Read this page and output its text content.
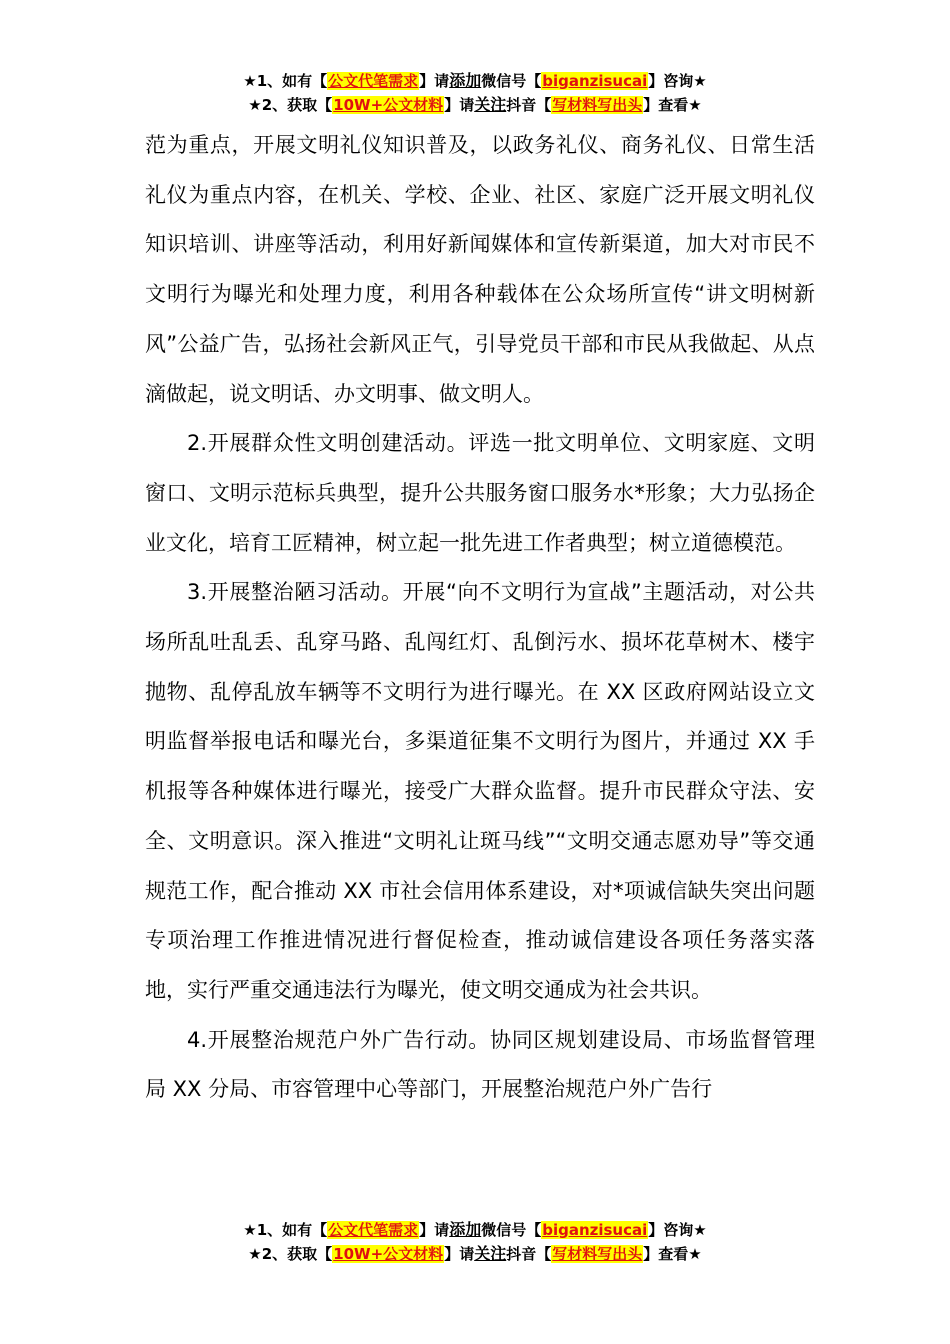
★1、如有【公文代笔需求】请添加微信号【biganzisucai】咨询★
★2、获取【10W+公文材料】请关注抖音【写材料写出头】查看★

范为重点，开展文明礼仪知识普及，以政务礼仪、商务礼仪、日常生活礼仪为重点内容，在机关、学校、企业、社区、家庭广泛开展文明礼仪知识培训、讲座等活动，利用好新闻媒体和宣传新渠道，加大对市民不文明行为曝光和处理力度，利用各种载体在公众场所宣传“讲文明树新风”公益广告，弘扬社会新风正气，引导党员干部和市民从我做起、从点滴做起，说文明话、办文明事、做文明人。

2.开展群众性文明创建活动。评选一批文明单位、文明家庭、文明窗口、文明示范标兵典型，提升公共服务窗口服务水*形象；大力弘扬企业文化，培育工匠精神，树立起一批先进工作者典型；树立道德模范。

3.开展整治陋习活动。开展“向不文明行为宣战”主题活动，对公共场所乱吐乱丢、乱穿马路、乱闯红灯、乱倒污水、损坏花草树木、楼宇抛物、乱停乱放车辆等不文明行为进行曝光。在 XX 区政府网站设立文明监督举报电话和曝光台，多渠道征集不文明行为图片，并通过 XX 手机报等各种媒体进行曝光，接受广大群众监督。提升市民群众守法、安全、文明意识。深入推进“文明礼让斑马线”“文明交通志愿劝导”等交通规范工作，配合推动 XX 市社会信用体系建设，对*项诚信缺失突出问题专项治理工作推进情况进行督促检查，推动诚信建设各项任务落实落地，实行严重交通违法行为曝光，使文明交通成为社会共识。

4.开展整治规范户外广告行动。协同区规划建设局、市场监督管理局 XX 分局、市容管理中心等部门，开展整治规范户外广告行

★1、如有【公文代笔需求】请添加微信号【biganzisucai】咨询★
★2、获取【10W+公文材料】请关注抖音【写材料写出头】查看★
